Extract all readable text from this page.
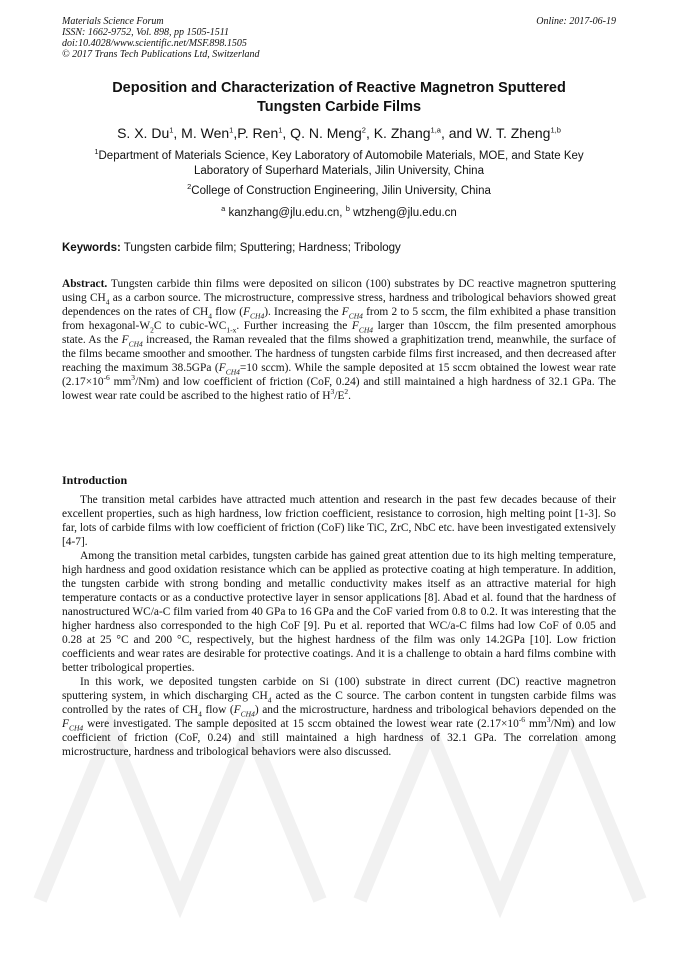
Materials Science Forum
ISSN: 1662-9752, Vol. 898, pp 1505-1511
doi:10.4028/www.scientific.net/MSF.898.1505
© 2017 Trans Tech Publications Ltd, Switzerland
Online: 2017-06-19
Deposition and Characterization of Reactive Magnetron Sputtered
Tungsten Carbide Films
S. X. Du$^1$, M. Wen$^1$,P. Ren$^1$, Q. N. Meng$^2$, K. Zhang$^{1,a}$, and W. T. Zheng$^{1,b}$
$^1$Department of Materials Science, Key Laboratory of Automobile Materials, MOE, and State Key
Laboratory of Superhard Materials, Jilin University, China
$^2$College of Construction Engineering, Jilin University, China
$^a$ kanzhang@jlu.edu.cn, $^b$ wtzheng@jlu.edu.cn
Keywords: Tungsten carbide film; Sputtering; Hardness; Tribology

Abstract. Tungsten carbide thin films were deposited on silicon (100) substrates by DC reactive magnetron sputtering using $CH_4$ as a carbon source. The microstructure, compressive stress, hardness and tribological behaviors showed great dependences on the rates of $CH_4$ flow $(F_{CH4})$. Increasing the $F_{CH4}$ from 2 to 5 sccm, the film exhibited a phase transition from hexagonal-$W_2C$ to cubic-$WC_{1-x}$. Further increasing the $F_{CH4}$ larger than 10sccm, the film presented amorphous state. As the $F_{CH4}$ increased, the Raman revealed that the films showed a graphitization trend, meanwhile, the surface of the films became smoother and smoother. The hardness of tungsten carbide films first increased, and then decreased after reaching the maximum 38.5GPa ($F_{CH4}=10$ sccm). While the sample deposited at 15 sccm obtained the lowest wear rate ($2.17\times 10^{-6}$ $mm^3/Nm$) and low coefficient of friction (CoF, 0.24) and still maintained a high hardness of 32.1 GPa. The lowest wear rate could be ascribed to the highest ratio of $H^3/E^2$.

Introduction

The transition metal carbides have attracted much attention and research in the past few decades because of their excellent properties, such as high hardness, low friction coefficient, resistance to corrosion, high melting point [1-3]. So far, lots of carbide films with low coefficient of friction (CoF) like TiC, ZrC, NbC etc. have been investigated extensively [4-7].

Among the transition metal carbides, tungsten carbide has gained great attention due to its high melting temperature, high hardness and good oxidation resistance which can be applied as protective coating at high temperature. In addition, the tungsten carbide with strong bonding and metallic conductivity makes itself as an attractive material for high temperature contacts or as a conductive protective layer in sensor applications [8]. Abad et al. found that the hardness of nanostructured WC/a-C film varied from 40 GPa to 16 GPa and the CoF varied from 0.8 to 0.2. It was interesting that the higher hardness also corresponded to the high CoF [9]. Pu et al. reported that WC/a-C films had low CoF of 0.05 and 0.28 at 25 °C and 200 °C, respectively, but the highest hardness of the film was only 14.2GPa [10]. Low friction coefficients and wear rates are desirable for protective coatings. And it is a challenge to obtain a hard films combine with better tribological properties.

In this work, we deposited tungsten carbide on Si (100) substrate in direct current (DC) reactive magnetron sputtering system, in which discharging $CH_4$ acted as the C source. The carbon content in tungsten carbide films was controlled by the rates of $CH_4$ flow $(F_{CH4})$ and the microstructure, hardness and tribological behaviors depended on the $F_{CH4}$ were investigated. The sample deposited at 15 sccm obtained the lowest wear rate ($2.17\times 10^{-6}$ $mm^3/Nm$) and low coefficient of friction (CoF, 0.24) and still maintained a high hardness of 32.1 GPa. The correlation among microstructure, hardness and tribological behaviors were also discussed.
